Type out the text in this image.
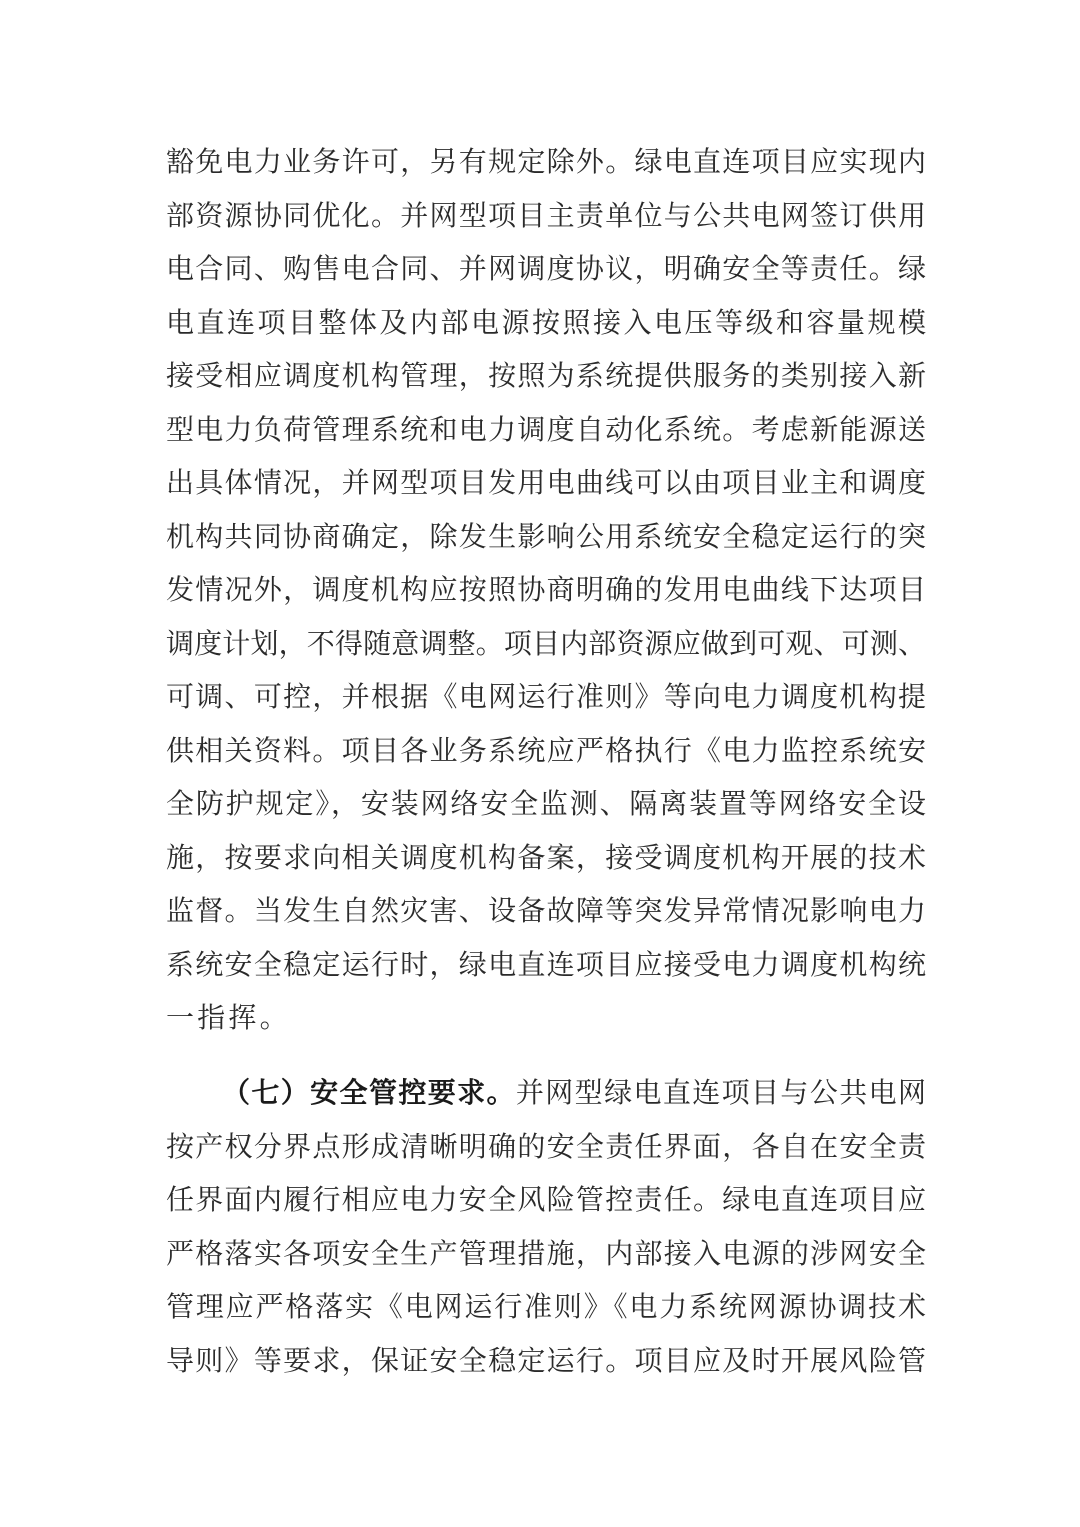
豁免电力业务许可，另有规定除外。绿电直连项目应实现内
部资源协同优化。并网型项目主责单位与公共电网签订供用
电合同、购售电合同、并网调度协议，明确安全等责任。绿
电直连项目整体及内部电源按照接入电压等级和容量规模
接受相应调度机构管理，按照为系统提供服务的类别接入新
型电力负荷管理系统和电力调度自动化系统。考虑新能源送
出具体情况，并网型项目发用电曲线可以由项目业主和调度
机构共同协商确定，除发生影响公用系统安全稳定运行的突
发情况外，调度机构应按照协商明确的发用电曲线下达项目
调度计划，不得随意调整。项目内部资源应做到可观、可测、
可调、可控，并根据《电网运行准则》等向电力调度机构提
供相关资料。项目各业务系统应严格执行《电力监控系统安
全防护规定》，安装网络安全监测、隔离装置等网络安全设
施，按要求向相关调度机构备案，接受调度机构开展的技术
监督。当发生自然灾害、设备故障等突发异常情况影响电力
系统安全稳定运行时，绿电直连项目应接受电力调度机构统
一指挥。
（七）安全管控要求。并网型绿电直连项目与公共电网
按产权分界点形成清晰明确的安全责任界面，各自在安全责
任界面内履行相应电力安全风险管控责任。绿电直连项目应
严格落实各项安全生产管理措施，内部接入电源的涉网安全
管理应严格落实《电网运行准则》《电力系统网源协调技术
导则》等要求，保证安全稳定运行。项目应及时开展风险管
